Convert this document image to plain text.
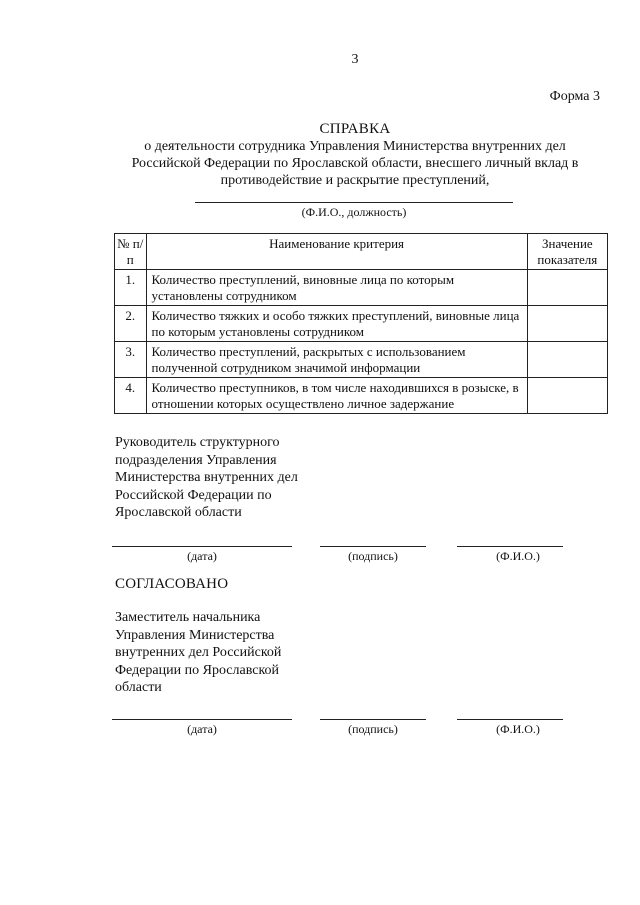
3
Форма 3
СПРАВКА
о деятельности сотрудника Управления Министерства внутренних дел Российской Федерации по Ярославской области, внесшего личный вклад в противодействие и раскрытие преступлений,
(Ф.И.О., должность)
№ п/п	Наименование критерия	Значение показателя
1.	Количество преступлений, виновные лица по которым установлены сотрудником	
2.	Количество тяжких и особо тяжких преступлений, виновные лица по которым установлены сотрудником	
3.	Количество преступлений, раскрытых с использованием полученной сотрудником значимой информации	
4.	Количество преступников, в том числе находившихся в розыске, в отношении которых осуществлено личное задержание	
Руководитель структурного подразделения Управления Министерства внутренних дел Российской Федерации по Ярославской области
(дата)	(подпись)	(Ф.И.О.)
СОГЛАСОВАНО
Заместитель начальника Управления Министерства внутренних дел Российской Федерации по Ярославской области
(дата)	(подпись)	(Ф.И.О.)
